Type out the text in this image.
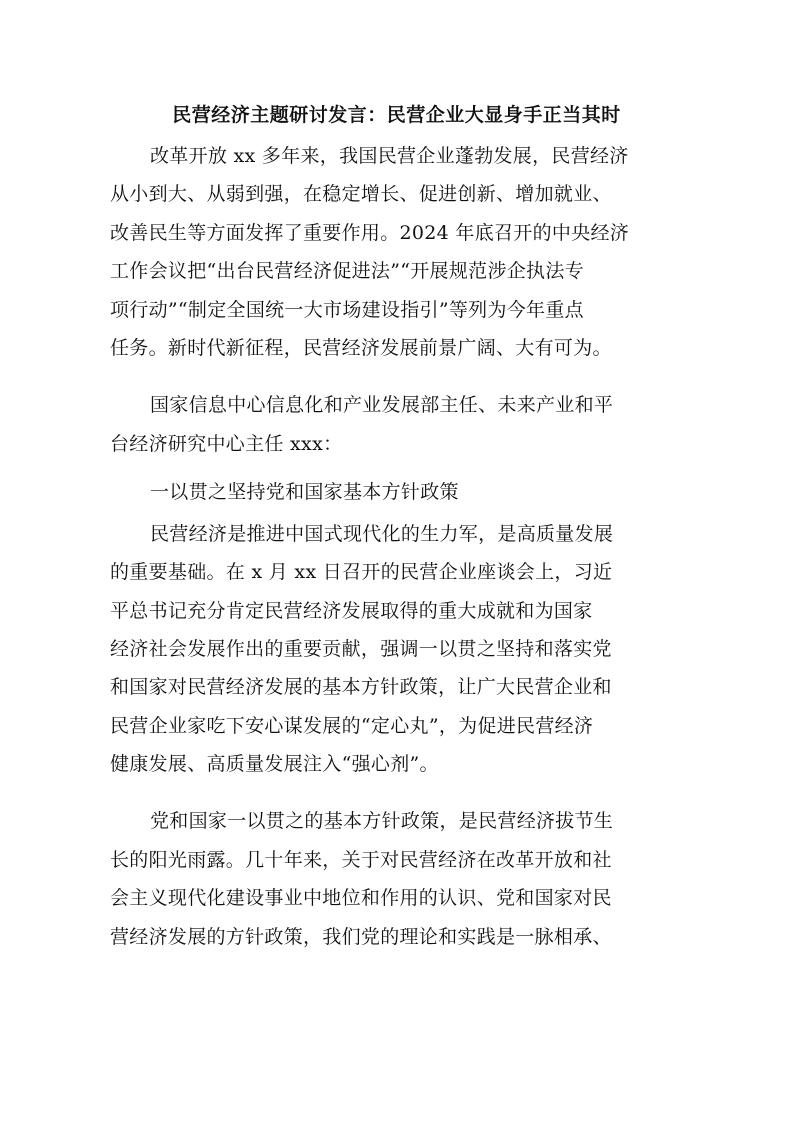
民营经济主题研讨发言：民营企业大显身手正当其时
改革开放 xx 多年来，我国民营企业蓬勃发展，民营经济
从小到大、从弱到强，在稳定增长、促进创新、增加就业、
改善民生等方面发挥了重要作用。2024 年底召开的中央经济
工作会议把“出台民营经济促进法”“开展规范涉企执法专
项行动”“制定全国统一大市场建设指引”等列为今年重点
任务。新时代新征程，民营经济发展前景广阔、大有可为。
国家信息中心信息化和产业发展部主任、未来产业和平
台经济研究中心主任 xxx：
一以贯之坚持党和国家基本方针政策
民营经济是推进中国式现代化的生力军，是高质量发展
的重要基础。在 x 月 xx 日召开的民营企业座谈会上，习近
平总书记充分肯定民营经济发展取得的重大成就和为国家
经济社会发展作出的重要贡献，强调一以贯之坚持和落实党
和国家对民营经济发展的基本方针政策，让广大民营企业和
民营企业家吃下安心谋发展的“定心丸”，为促进民营经济
健康发展、高质量发展注入“强心剂”。
党和国家一以贯之的基本方针政策，是民营经济拔节生
长的阳光雨露。几十年来，关于对民营经济在改革开放和社
会主义现代化建设事业中地位和作用的认识、党和国家对民
营经济发展的方针政策，我们党的理论和实践是一脉相承、
